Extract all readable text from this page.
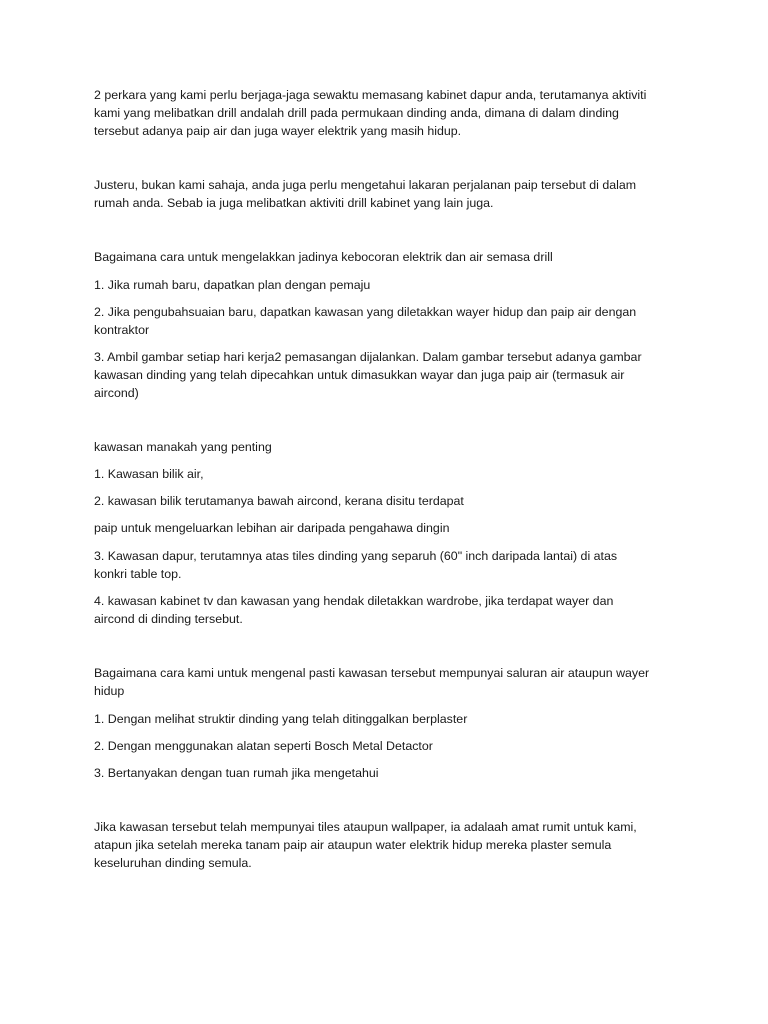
2 perkara yang kami perlu berjaga-jaga sewaktu memasang kabinet dapur anda, terutamanya aktiviti
kami yang melibatkan drill andalah drill pada permukaan dinding anda, dimana di dalam dinding
tersebut adanya paip air dan juga wayer elektrik yang masih hidup.
Justeru, bukan kami sahaja, anda juga perlu mengetahui lakaran perjalanan paip tersebut di dalam
rumah anda. Sebab ia juga melibatkan aktiviti drill kabinet yang lain juga.
Bagaimana cara untuk mengelakkan jadinya kebocoran elektrik dan air semasa drill
1. Jika rumah baru, dapatkan plan dengan pemaju
2. Jika pengubahsuaian baru, dapatkan kawasan yang diletakkan wayer hidup dan paip air dengan
kontraktor
3. Ambil gambar setiap hari kerja2 pemasangan dijalankan. Dalam gambar tersebut adanya gambar
kawasan dinding yang telah dipecahkan untuk dimasukkan wayar dan juga paip air (termasuk air
aircond)
kawasan manakah yang penting
1. Kawasan bilik air,
2. kawasan bilik terutamanya bawah aircond, kerana disitu terdapat
paip untuk mengeluarkan lebihan air daripada pengahawa dingin
3. Kawasan dapur, terutamnya atas tiles dinding yang separuh (60" inch daripada lantai) di atas
konkri table top.
4. kawasan kabinet tv dan kawasan yang hendak diletakkan wardrobe, jika terdapat wayer dan
aircond di dinding tersebut.
Bagaimana cara kami untuk mengenal pasti kawasan tersebut mempunyai saluran air ataupun wayer
hidup
1. Dengan melihat struktir dinding yang telah ditinggalkan berplaster
2. Dengan menggunakan alatan seperti Bosch Metal Detactor
3. Bertanyakan dengan tuan rumah jika mengetahui
Jika kawasan tersebut telah mempunyai tiles ataupun wallpaper, ia adalaah amat rumit untuk kami,
atapun jika setelah mereka tanam paip air ataupun water elektrik hidup mereka plaster semula
keseluruhan dinding semula.
